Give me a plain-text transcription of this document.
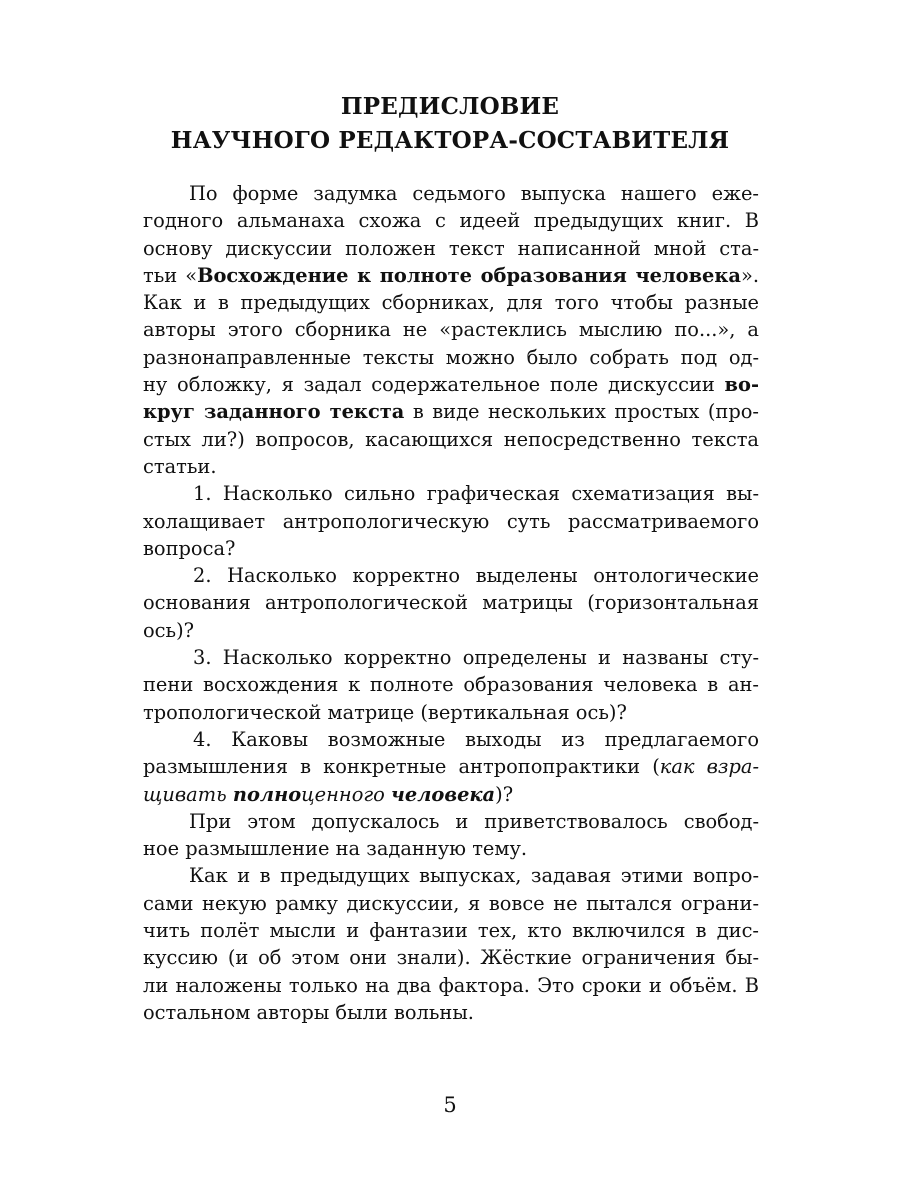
ПРЕДИСЛОВИЕ
НАУЧНОГО РЕДАКТОРА-СОСТАВИТЕЛЯ
По форме задумка седьмого выпуска нашего еже-
годного альманаха схожа с идеей предыдущих книг. В
основу дискуссии положен текст написанной мной ста-
тьи «Восхождение к полноте образования человека».
Как и в предыдущих сборниках, для того чтобы разные
авторы этого сборника не «растеклись мыслию по...», а
разнонаправленные тексты можно было собрать под од-
ну обложку, я задал содержательное поле дискуссии во-
круг заданного текста в виде нескольких простых (про-
стых ли?) вопросов, касающихся непосредственно текста
статьи.
1. Насколько сильно графическая схематизация вы-
холащивает антропологическую суть рассматриваемого
вопроса?
2. Насколько корректно выделены онтологические
основания антропологической матрицы (горизонтальная
ось)?
3. Насколько корректно определены и названы сту-
пени восхождения к полноте образования человека в ан-
тропологической матрице (вертикальная ось)?
4. Каковы возможные выходы из предлагаемого
размышления в конкретные антропопрактики (как взра-
щивать полноценного человека)?
При этом допускалось и приветствовалось свобод-
ное размышление на заданную тему.
Как и в предыдущих выпусках, задавая этими вопро-
сами некую рамку дискуссии, я вовсе не пытался ограни-
чить полёт мысли и фантазии тех, кто включился в дис-
куссию (и об этом они знали). Жёсткие ограничения бы-
ли наложены только на два фактора. Это сроки и объём. В
остальном авторы были вольны.
5
